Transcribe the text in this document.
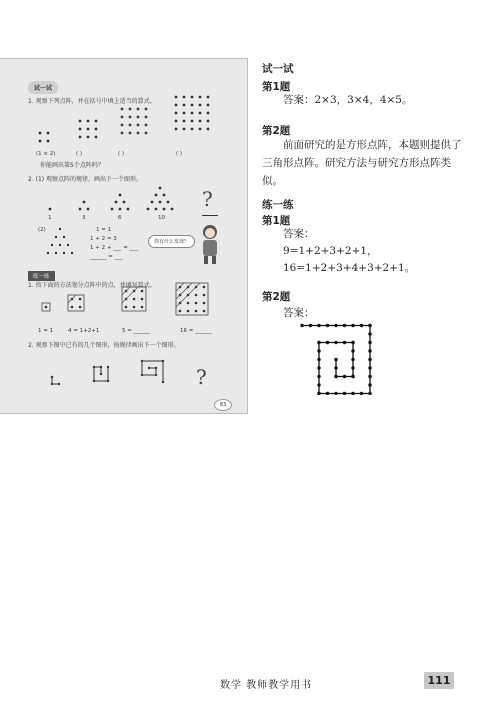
试一试
1. 观察下列点阵，并在括号中填上适当的算式。
(1 × 2)	( )	( )	( )
你能画出第5个点阵吗？
2. (1) 观察点阵的规律，画出下一个图形。
1	3	6	10
?
(2)	1 = 1
1 + 2 = 3
1 + 2 + ___ = ___
______ = ___
你有什么发现？
练一练
1. 按下面的方法划分点阵中的点，并填写算式。
1 = 1	4 = 1+2+1	5 = ______	16 = ______
2. 观察下图中已有的几个图形，按规律画出下一个图形。
?
83
试一试
第1题
答案：2×3，3×4，4×5。
第2题
前面研究的是方形点阵，本题则提供了三角形点阵。研究方法与研究方形点阵类似。
练一练
第1题
答案：
9=1+2+3+2+1，
16=1+2+3+4+3+2+1。
第2题
答案：
数学 教师教学用书	111
